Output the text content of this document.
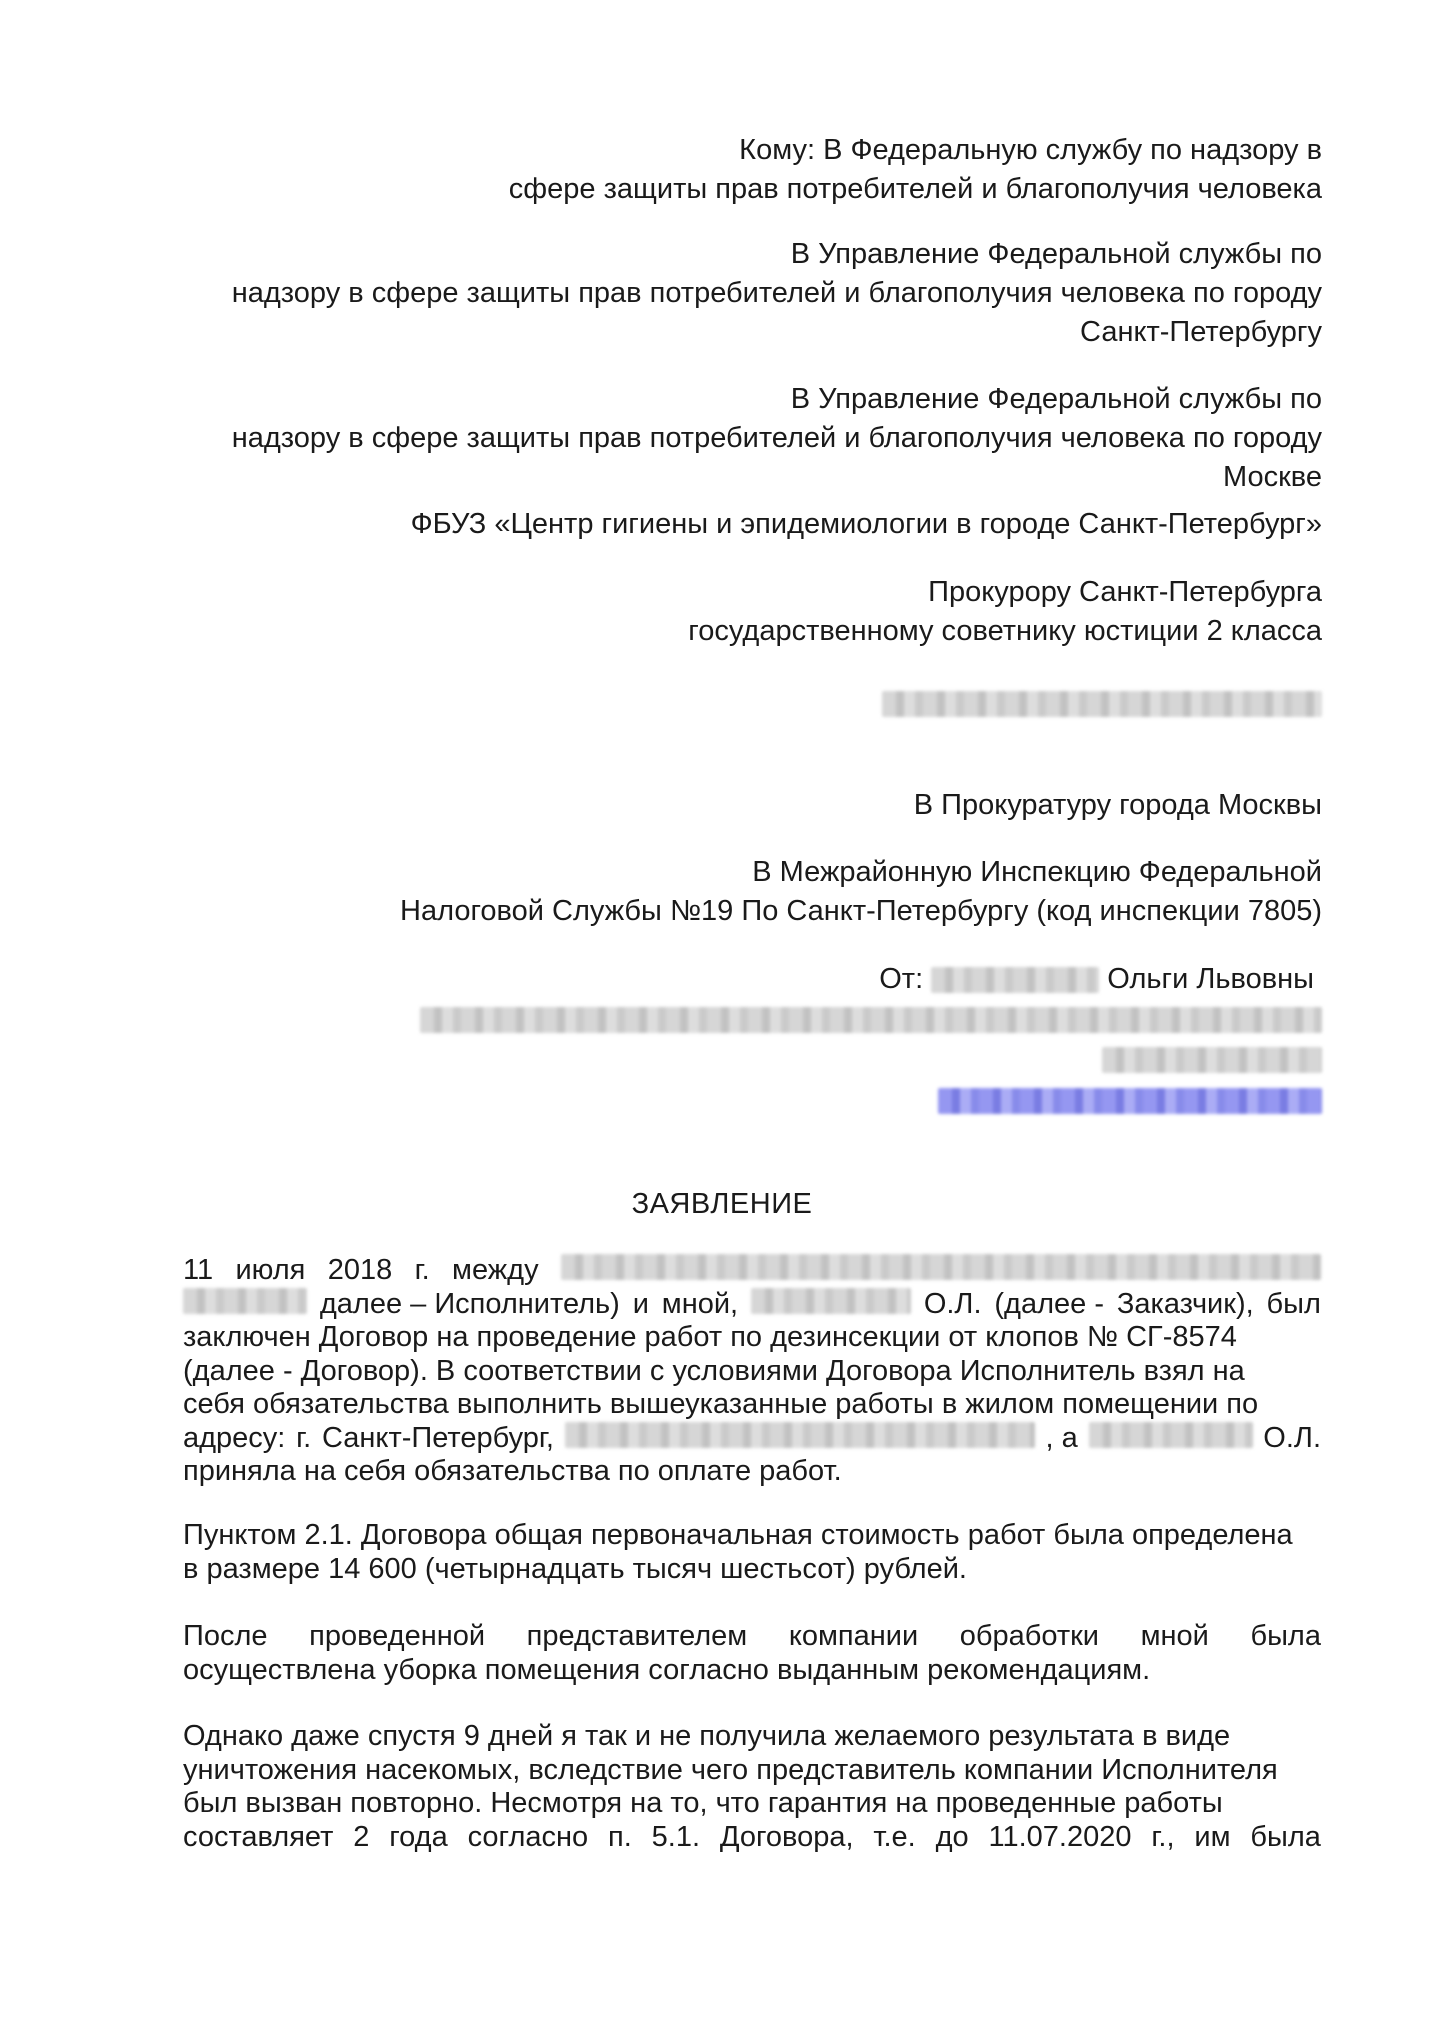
Кому: В Федеральную службу по надзору в
сфере защиты прав потребителей и благополучия человека
В Управление Федеральной службы по
надзору в сфере защиты прав потребителей и благополучия человека по городу
Санкт-Петербургу
В Управление Федеральной службы по
надзору в сфере защиты прав потребителей и благополучия человека по городу
Москве
ФБУЗ «Центр гигиены и эпидемиологии в городе Санкт-Петербург»
Прокурору Санкт-Петербурга
государственному советнику юстиции 2 класса
В Прокуратуру города Москвы
В Межрайонную Инспекцию Федеральной
Налоговой Службы №19 По Санкт-Петербургу (код инспекции 7805)
От:	Ольги Львовны
ЗАЯВЛЕНИЕ
11 июля 2018 г. между
далее – Исполнитель) и мной,	О.Л. (далее - Заказчик), был
заключен Договор на проведение работ по дезинсекции от клопов № СГ-8574
(далее - Договор). В соответствии с условиями Договора Исполнитель взял на
себя обязательства выполнить вышеуказанные работы в жилом помещении по
адресу: г. Санкт-Петербург,	, а	О.Л.
приняла на себя обязательства по оплате работ.
Пунктом 2.1. Договора общая первоначальная стоимость работ была определена
в размере 14 600 (четырнадцать тысяч шестьсот) рублей.
После проведенной представителем компании обработки мной была
осуществлена уборка помещения согласно выданным рекомендациям.
Однако даже спустя 9 дней я так и не получила желаемого результата в виде
уничтожения насекомых, вследствие чего представитель компании Исполнителя
был вызван повторно. Несмотря на то, что гарантия на проведенные работы
составляет 2 года согласно п. 5.1. Договора, т.е. до 11.07.2020 г., им была
